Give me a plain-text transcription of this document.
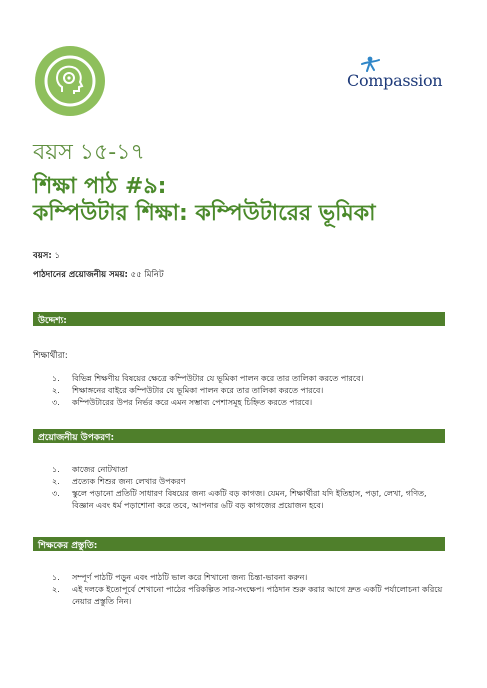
Compassion
বয়স ১৫-১৭
শিক্ষা পাঠ #৯:
কম্পিউটার শিক্ষা: কম্পিউটারের ভূমিকা
বয়স: ১
পাঠদানের প্রয়োজনীয় সময়: ৫৫ মিনিট
উদ্দেশ্য:
শিক্ষার্থীরা:
১. বিভিন্ন শিক্ষণীয় বিষয়ের ক্ষেত্রে কম্পিউটার যে ভূমিকা পালন করে তার তালিকা করতে পারবে।
২. শিক্ষাঙ্গনের বাইরে কম্পিউটার যে ভূমিকা পালন করে তার তালিকা করতে পারবে।
৩. কম্পিউটারের উপর নির্ভর করে এমন সম্ভাব্য পেশাসমূহ চিহ্নিত করতে পারবে।
প্রয়োজনীয় উপকরণ:
১. কাজের নোটখাতা
২. প্রত্যেক শিশুর জন্য লেখার উপকরণ
৩. স্কুলে পড়ানো প্রতিটি সাধারণ বিষয়ের জন্য একটি বড় কাগজ। যেমন, শিক্ষার্থীরা যদি ইতিহাস, পড়া, লেখা, গণিত, বিজ্ঞান এবং ধর্ম পড়াশোনা করে তবে, আপনার ৬টি বড় কাগজের প্রয়োজন হবে।
শিক্ষকের প্রস্তুতি:
১. সম্পূর্ণ পাঠটি পড়ুন এবং পাঠটি ভাল করে শিখানো জন্য চিন্তা-ভাবনা করুন।
২. এই দলকে ইতোপূর্বে শেখানো পাঠের পরিকল্পিত সার-সংক্ষেপ। পাঠদান শুরু করার আগে দ্রুত একটি পর্যালোচনা করিয়ে নেয়ার প্রস্তুতি নিন।
